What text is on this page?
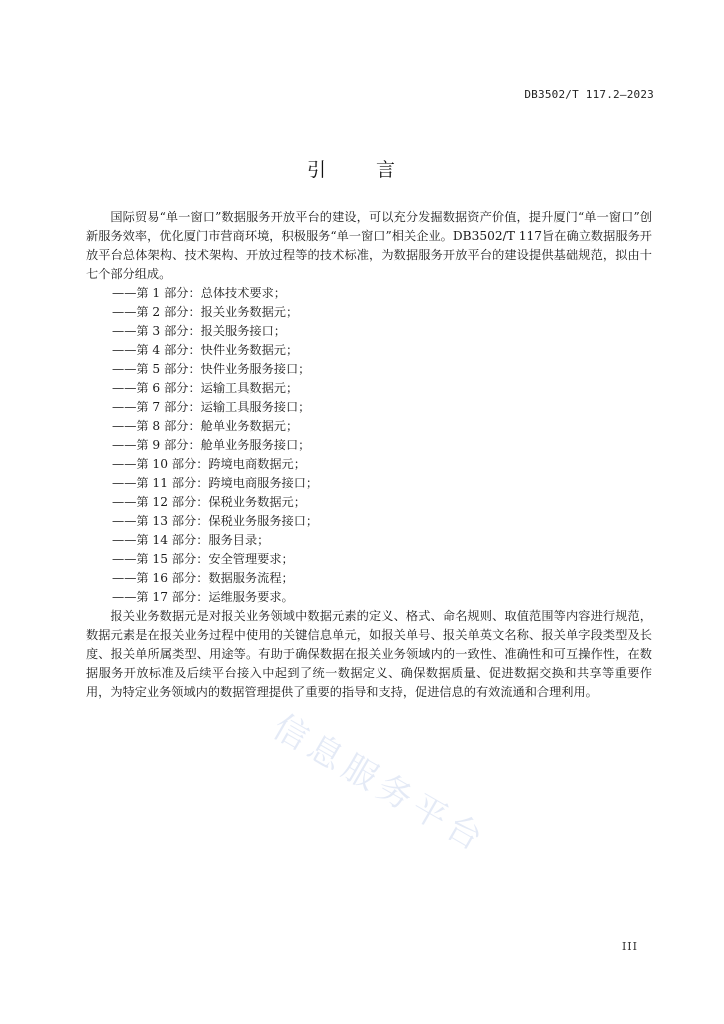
DB3502/T 117.2—2023
引 言

国际贸易“单一窗口”数据服务开放平台的建设，可以充分发掘数据资产价值，提升厦门“单一窗口”创新服务效率，优化厦门市营商环境，积极服务“单一窗口”相关企业。DB3502/T 117旨在确立数据服务开放平台总体架构、技术架构、开放过程等的技术标准，为数据服务开放平台的建设提供基础规范，拟由十七个部分组成。

——第 1 部分：总体技术要求；
——第 2 部分：报关业务数据元；
——第 3 部分：报关服务接口；
——第 4 部分：快件业务数据元；
——第 5 部分：快件业务服务接口；
——第 6 部分：运输工具数据元；
——第 7 部分：运输工具服务接口；
——第 8 部分：舱单业务数据元；
——第 9 部分：舱单业务服务接口；
——第 10 部分：跨境电商数据元；
——第 11 部分：跨境电商服务接口；
——第 12 部分：保税业务数据元；
——第 13 部分：保税业务服务接口；
——第 14 部分：服务目录；
——第 15 部分：安全管理要求；
——第 16 部分：数据服务流程；
——第 17 部分：运维服务要求。

报关业务数据元是对报关业务领域中数据元素的定义、格式、命名规则、取值范围等内容进行规范，数据元素是在报关业务过程中使用的关键信息单元，如报关单号、报关单英文名称、报关单字段类型及长度、报关单所属类型、用途等。有助于确保数据在报关业务领域内的一致性、准确性和可互操作性，在数据服务开放标准及后续平台接入中起到了统一数据定义、确保数据质量、促进数据交换和共享等重要作用，为特定业务领域内的数据管理提供了重要的指导和支持，促进信息的有效流通和合理利用。

信息服务平台
III
